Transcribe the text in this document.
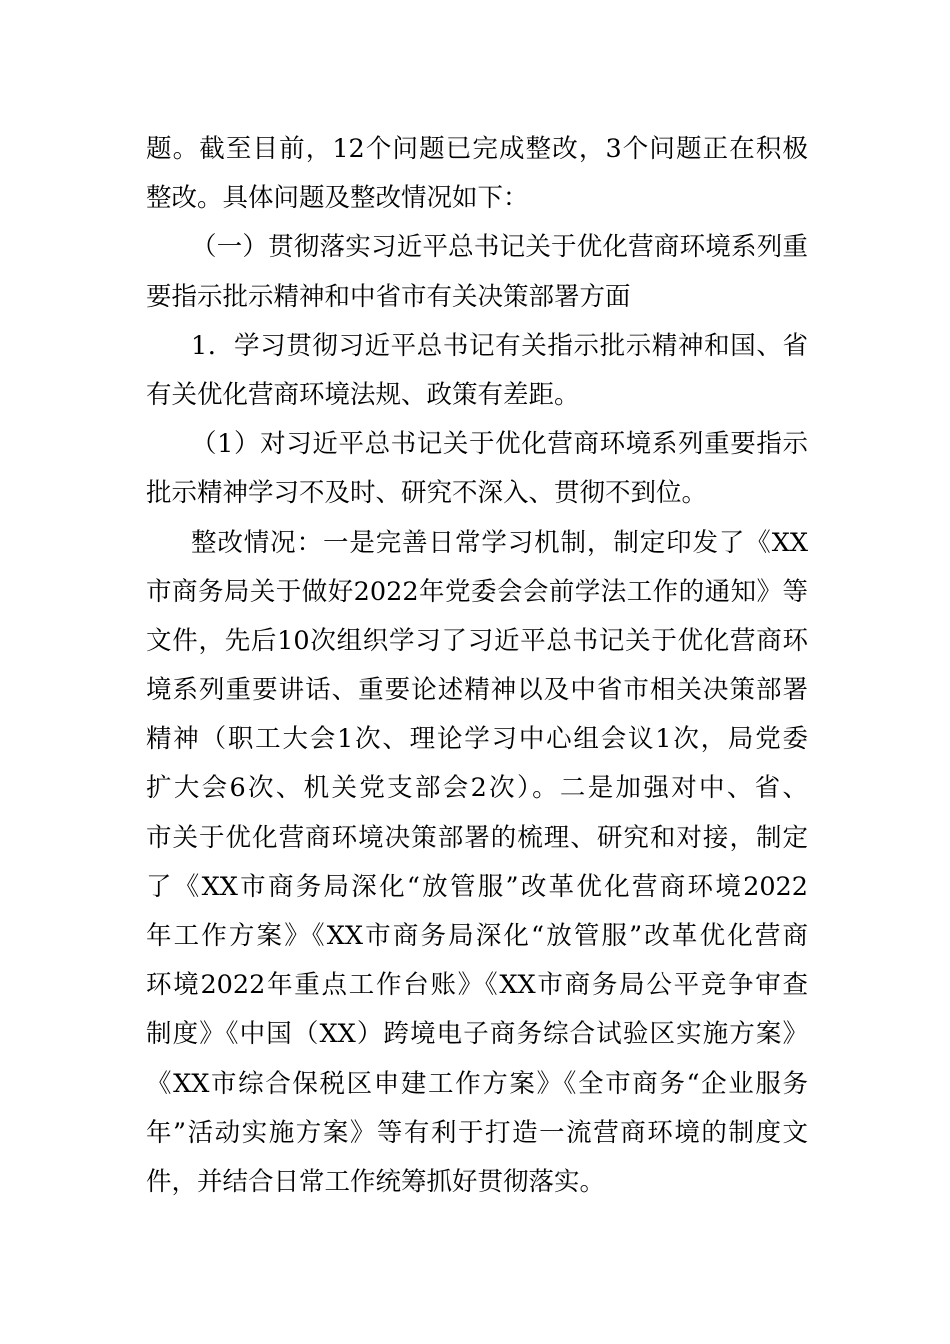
题。截至目前，12个问题已完成整改，3个问题正在积极
整改。具体问题及整改情况如下：
（一）贯彻落实习近平总书记关于优化营商环境系列重
要指示批示精神和中省市有关决策部署方面
1．学习贯彻习近平总书记有关指示批示精神和国、省
有关优化营商环境法规、政策有差距。
（1）对习近平总书记关于优化营商环境系列重要指示
批示精神学习不及时、研究不深入、贯彻不到位。
整改情况：一是完善日常学习机制，制定印发了《XX
市商务局关于做好2022年党委会会前学法工作的通知》等
文件，先后10次组织学习了习近平总书记关于优化营商环
境系列重要讲话、重要论述精神以及中省市相关决策部署
精神（职工大会1次、理论学习中心组会议1次，局党委
扩大会6次、机关党支部会2次）。二是加强对中、省、
市关于优化营商环境决策部署的梳理、研究和对接，制定
了《XX市商务局深化“放管服”改革优化营商环境2022
年工作方案》《XX市商务局深化“放管服”改革优化营商
环境2022年重点工作台账》《XX市商务局公平竞争审查
制度》《中国（XX）跨境电子商务综合试验区实施方案》
《XX市综合保税区申建工作方案》《全市商务“企业服务
年”活动实施方案》等有利于打造一流营商环境的制度文
件，并结合日常工作统筹抓好贯彻落实。
